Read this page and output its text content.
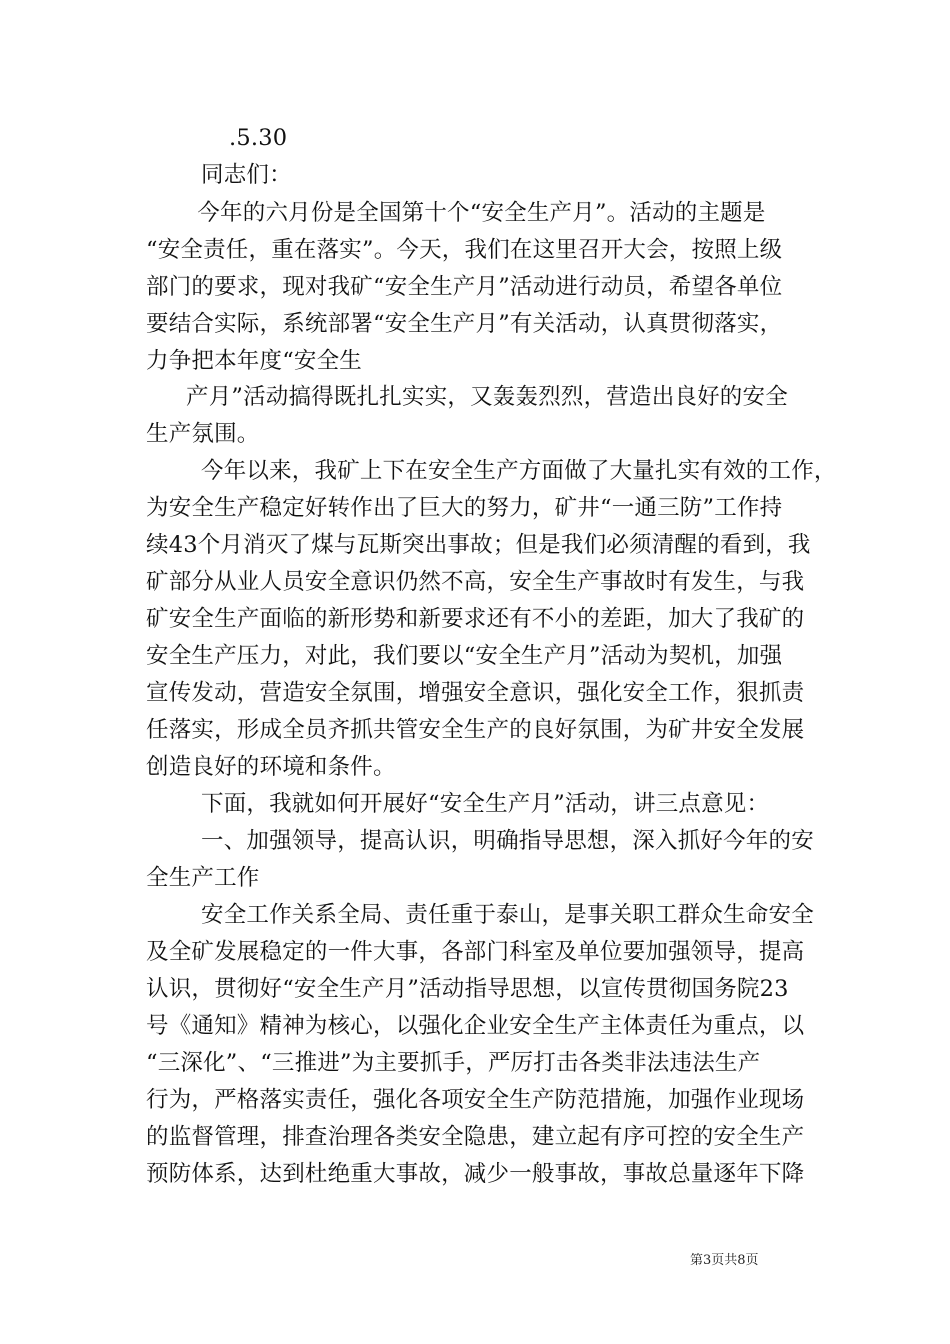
.5.30
同志们：
今年的六月份是全国第十个“安全生产月”。活动的主题是
“安全责任，重在落实”。今天，我们在这里召开大会，按照上级
部门的要求，现对我矿“安全生产月”活动进行动员，希望各单位
要结合实际，系统部署“安全生产月”有关活动，认真贯彻落实，
力争把本年度“安全生
产月”活动搞得既扎扎实实，又轰轰烈烈，营造出良好的安全
生产氛围。
今年以来，我矿上下在安全生产方面做了大量扎实有效的工作，
为安全生产稳定好转作出了巨大的努力，矿井“一通三防”工作持
续43个月消灭了煤与瓦斯突出事故；但是我们必须清醒的看到，我
矿部分从业人员安全意识仍然不高，安全生产事故时有发生，与我
矿安全生产面临的新形势和新要求还有不小的差距，加大了我矿的
安全生产压力，对此，我们要以“安全生产月”活动为契机，加强
宣传发动，营造安全氛围，增强安全意识，强化安全工作，狠抓责
任落实，形成全员齐抓共管安全生产的良好氛围，为矿井安全发展
创造良好的环境和条件。
下面，我就如何开展好“安全生产月”活动，讲三点意见：
一、加强领导，提高认识，明确指导思想，深入抓好今年的安
全生产工作
安全工作关系全局、责任重于泰山，是事关职工群众生命安全
及全矿发展稳定的一件大事，各部门科室及单位要加强领导，提高
认识，贯彻好“安全生产月”活动指导思想，以宣传贯彻国务院23
号《通知》精神为核心，以强化企业安全生产主体责任为重点，以
“三深化”、“三推进”为主要抓手，严厉打击各类非法违法生产
行为，严格落实责任，强化各项安全生产防范措施，加强作业现场
的监督管理，排查治理各类安全隐患，建立起有序可控的安全生产
预防体系，达到杜绝重大事故，减少一般事故，事故总量逐年下降
第3页共8页
